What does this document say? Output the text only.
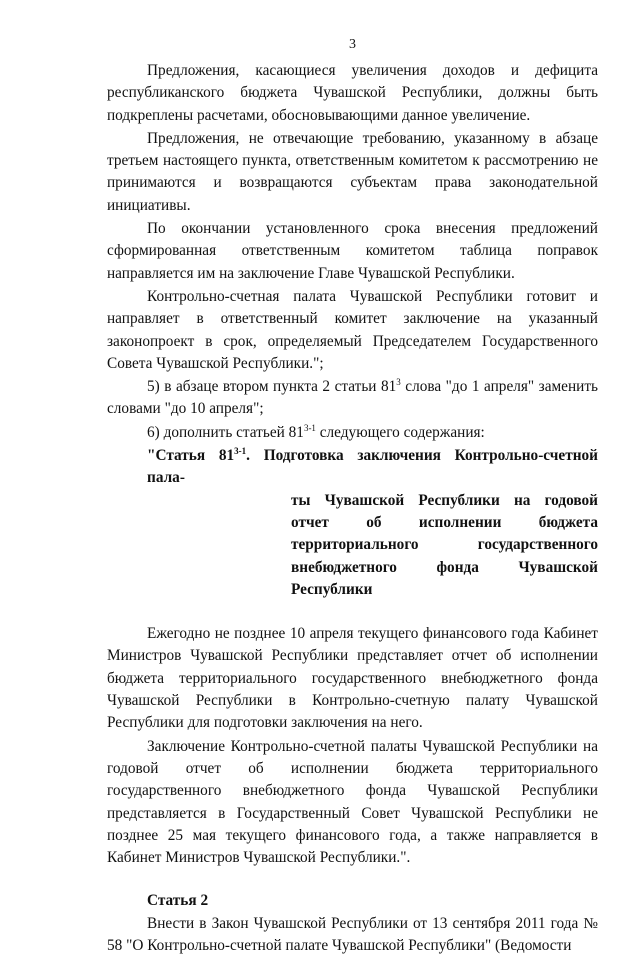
3

Предложения, касающиеся увеличения доходов и дефицита республиканского бюджета Чувашской Республики, должны быть подкреплены расчетами, обосновывающими данное увеличение.

Предложения, не отвечающие требованию, указанному в абзаце третьем настоящего пункта, ответственным комитетом к рассмотрению не принимаются и возвращаются субъектам права законодательной инициативы.

По окончании установленного срока внесения предложений сформированная ответственным комитетом таблица поправок направляется им на заключение Главе Чувашской Республики.

Контрольно-счетная палата Чувашской Республики готовит и направляет в ответственный комитет заключение на указанный законопроект в срок, определяемый Председателем Государственного Совета Чувашской Республики.";

5) в абзаце втором пункта 2 статьи $81^3$ слова "до 1 апреля" заменить словами "до 10 апреля";

6) дополнить статьей 81$^{3-1}$ следующего содержания:

"Статья 81$^{3-1}$. Подготовка заключения Контрольно-счетной пала-

ты Чувашской Республики на годовой отчет об исполнении бюджета территориального государственного внебюджетного фонда Чувашской Республики

Ежегодно не позднее 10 апреля текущего финансового года Кабинет Министров Чувашской Республики представляет отчет об исполнении бюджета территориального государственного внебюджетного фонда Чувашской Республики в Контрольно-счетную палату Чувашской Республики для подготовки заключения на него.

Заключение Контрольно-счетной палаты Чувашской Республики на годовой отчет об исполнении бюджета территориального государственного внебюджетного фонда Чувашской Республики представляется в Государственный Совет Чувашской Республики не позднее 25 мая текущего финансового года, а также направляется в Кабинет Министров Чувашской Республики.".

Статья 2

Внести в Закон Чувашской Республики от 13 сентября 2011 года № 58 "О Контрольно-счетной палате Чувашской Республики" (Ведомости
